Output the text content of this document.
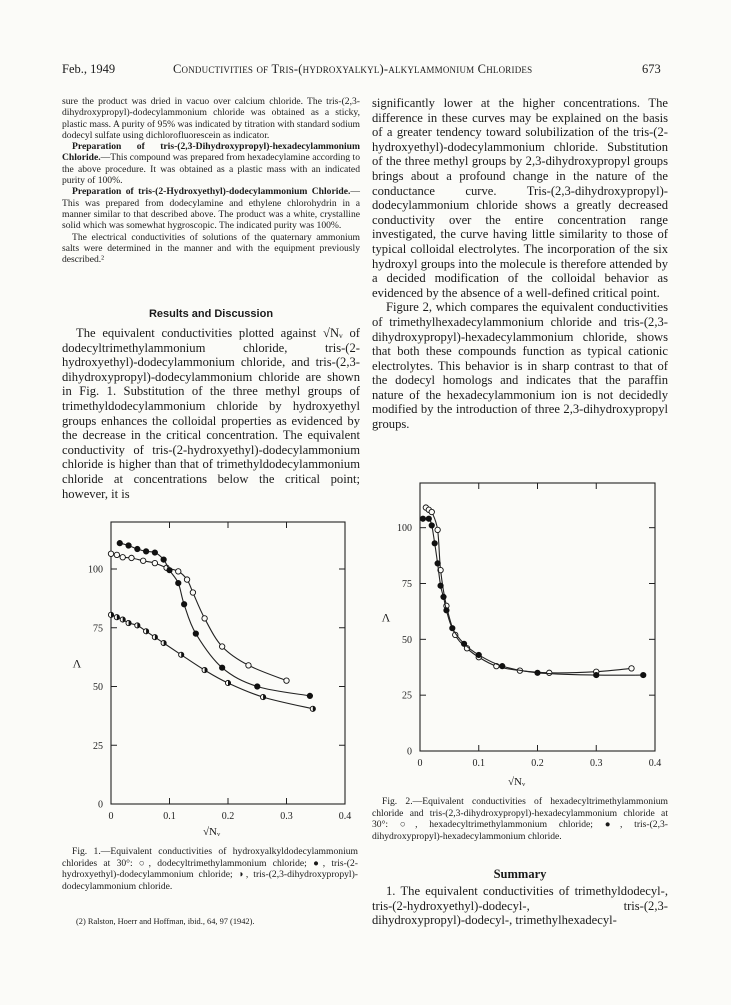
Feb., 1949	Conductivities of Tris-(hydroxyalkyl)-alkylammonium Chlorides	673

sure the product was dried in vacuo over calcium chloride. The tris-(2,3-dihydroxypropyl)-dodecylammonium chloride was obtained as a sticky, plastic mass. A purity of 95% was indicated by titration with standard sodium dodecyl sulfate using dichlorofluorescein as indicator.

Preparation of tris-(2,3-Dihydroxypropyl)-hexadecylammonium Chloride.—This compound was prepared from hexadecylamine according to the above procedure. It was obtained as a plastic mass with an indicated purity of 100%.

Preparation of tris-(2-Hydroxyethyl)-dodecylammonium Chloride.—This was prepared from dodecylamine and ethylene chlorohydrin in a manner similar to that described above. The product was a white, crystalline solid which was somewhat hygroscopic. The indicated purity was 100%.

The electrical conductivities of solutions of the quaternary ammonium salts were determined in the manner and with the equipment previously described.²

Results and Discussion

The equivalent conductivities plotted against √Nᵥ of dodecyltrimethylammonium chloride, tris-(2-hydroxyethyl)-dodecylammonium chloride, and tris-(2,3-dihydroxypropyl)-dodecylammonium chloride are shown in Fig. 1. Substitution of the three methyl groups of trimethyldodecylammonium chloride by hydroxyethyl groups enhances the colloidal properties as evidenced by the decrease in the critical concentration. The equivalent conductivity of tris-(2-hydroxyethyl)-dodecylammonium chloride is higher than that of trimethyldodecylammonium chloride at concentrations below the critical point; however, it is

significantly lower at the higher concentrations. The difference in these curves may be explained on the basis of a greater tendency toward solubilization of the tris-(2-hydroxyethyl)-dodecylammonium chloride. Substitution of the three methyl groups by 2,3-dihydroxypropyl groups brings about a profound change in the nature of the conductance curve. Tris-(2,3-dihydroxypropyl)-dodecylammonium chloride shows a greatly decreased conductivity over the entire concentration range investigated, the curve having little similarity to those of typical colloidal electrolytes. The incorporation of the six hydroxyl groups into the molecule is therefore attended by a decided modification of the colloidal behavior as evidenced by the absence of a well-defined critical point.

Figure 2, which compares the equivalent conductivities of trimethylhexadecylammonium chloride and tris-(2,3-dihydroxypropyl)-hexadecylammonium chloride, shows that both these compounds function as typical cationic electrolytes. This behavior is in sharp contrast to that of the dodecyl homologs and indicates that the paraffin nature of the hexadecylammonium ion is not decidedly modified by the introduction of three 2,3-dihydroxypropyl groups.

0	0.1	0.2	0.3	0.4
0
25
50
75
100
Λ
√Nᵥ
0	0.1	0.2	0.3	0.4
0
25
50
75
100
Λ
√Nᵥ

Fig. 1.—Equivalent conductivities of hydroxyalkyldodecylammonium chlorides at 30°: ○, dodecyltrimethylammonium chloride; ●, tris-(2-hydroxyethyl)-dodecylammonium chloride; ◑, tris-(2,3-dihydroxypropyl)-dodecylammonium chloride.

Fig. 2.—Equivalent conductivities of hexadecyltrimethylammonium chloride and tris-(2,3-dihydroxypropyl)-hexadecylammonium chloride at 30°: ○, hexadecyltrimethylammonium chloride; ●, tris-(2,3-dihydroxypropyl)-hexadecylammonium chloride.

Summary

1. The equivalent conductivities of trimethyldodecyl-, tris-(2-hydroxyethyl)-dodecyl-, tris-(2,3-dihydroxypropyl)-dodecyl-, trimethylhexadecyl-

(2) Ralston, Hoerr and Hoffman, ibid., 64, 97 (1942).
